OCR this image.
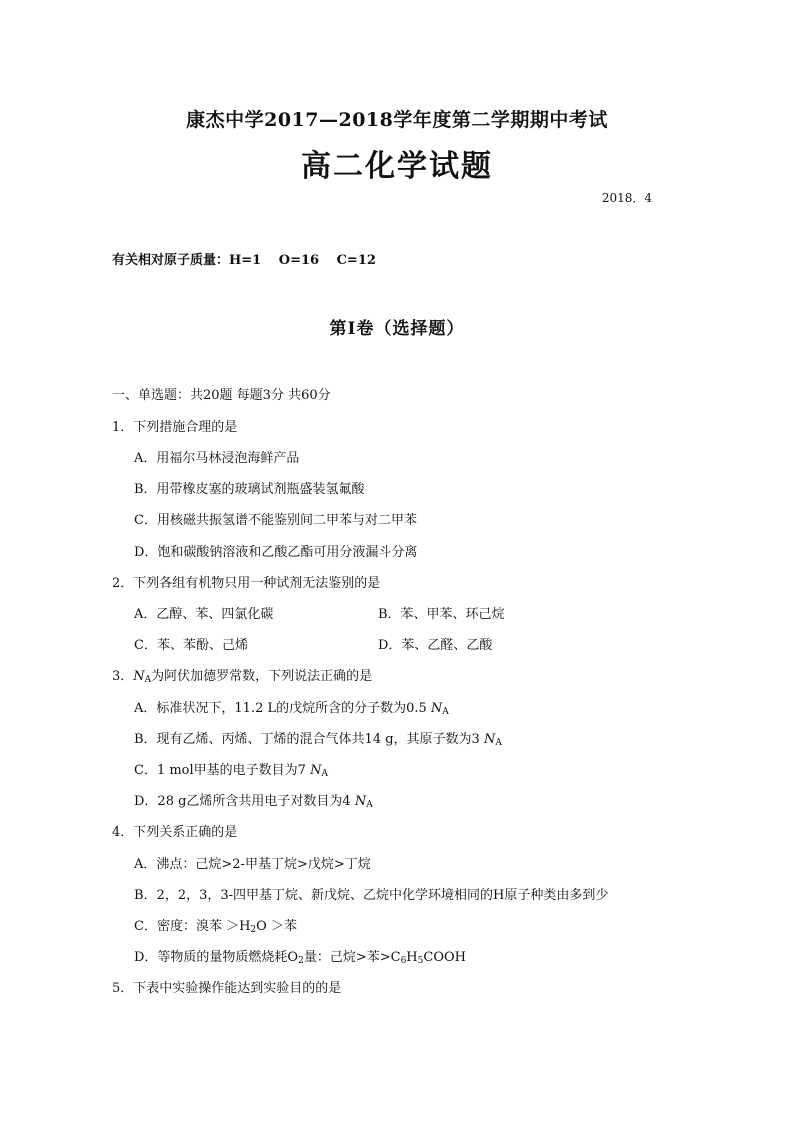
康杰中学2017—2018学年度第二学期期中考试
高二化学试题
2018．4
有关相对原子质量：H=1　 O=16　 C=12
第Ⅰ卷（选择题）
一、单选题：共20题 每题3分 共60分
1．下列措施合理的是
A．用福尔马林浸泡海鲜产品
B．用带橡皮塞的玻璃试剂瓶盛装氢氟酸
C．用核磁共振氢谱不能鉴别间二甲苯与对二甲苯
D．饱和碳酸钠溶液和乙酸乙酯可用分液漏斗分离
2．下列各组有机物只用一种试剂无法鉴别的是
A．乙醇、苯、四氯化碳	B．苯、甲苯、环己烷
C．苯、苯酚、己烯	D．苯、乙醛、乙酸
3．$N_A$为阿伏加德罗常数，下列说法正确的是
A．标准状况下，11.2 L的戊烷所含的分子数为0.5 $N_A$
B．现有乙烯、丙烯、丁烯的混合气体共14 g，其原子数为3 $N_A$
C．1 mol甲基的电子数目为7 $N_A$
D．28 g乙烯所含共用电子对数目为4 $N_A$
4．下列关系正确的是
A．沸点：己烷>2-甲基丁烷>戊烷>丁烷
B．2，2，3，3-四甲基丁烷、新戊烷、乙烷中化学环境相同的H原子种类由多到少
C．密度：溴苯 $>H_2O$ ＞苯
D．等物质的量物质燃烧耗$O_2$量：己烷>苯$>C_6H_5COOH$
5．下表中实验操作能达到实验目的的是
